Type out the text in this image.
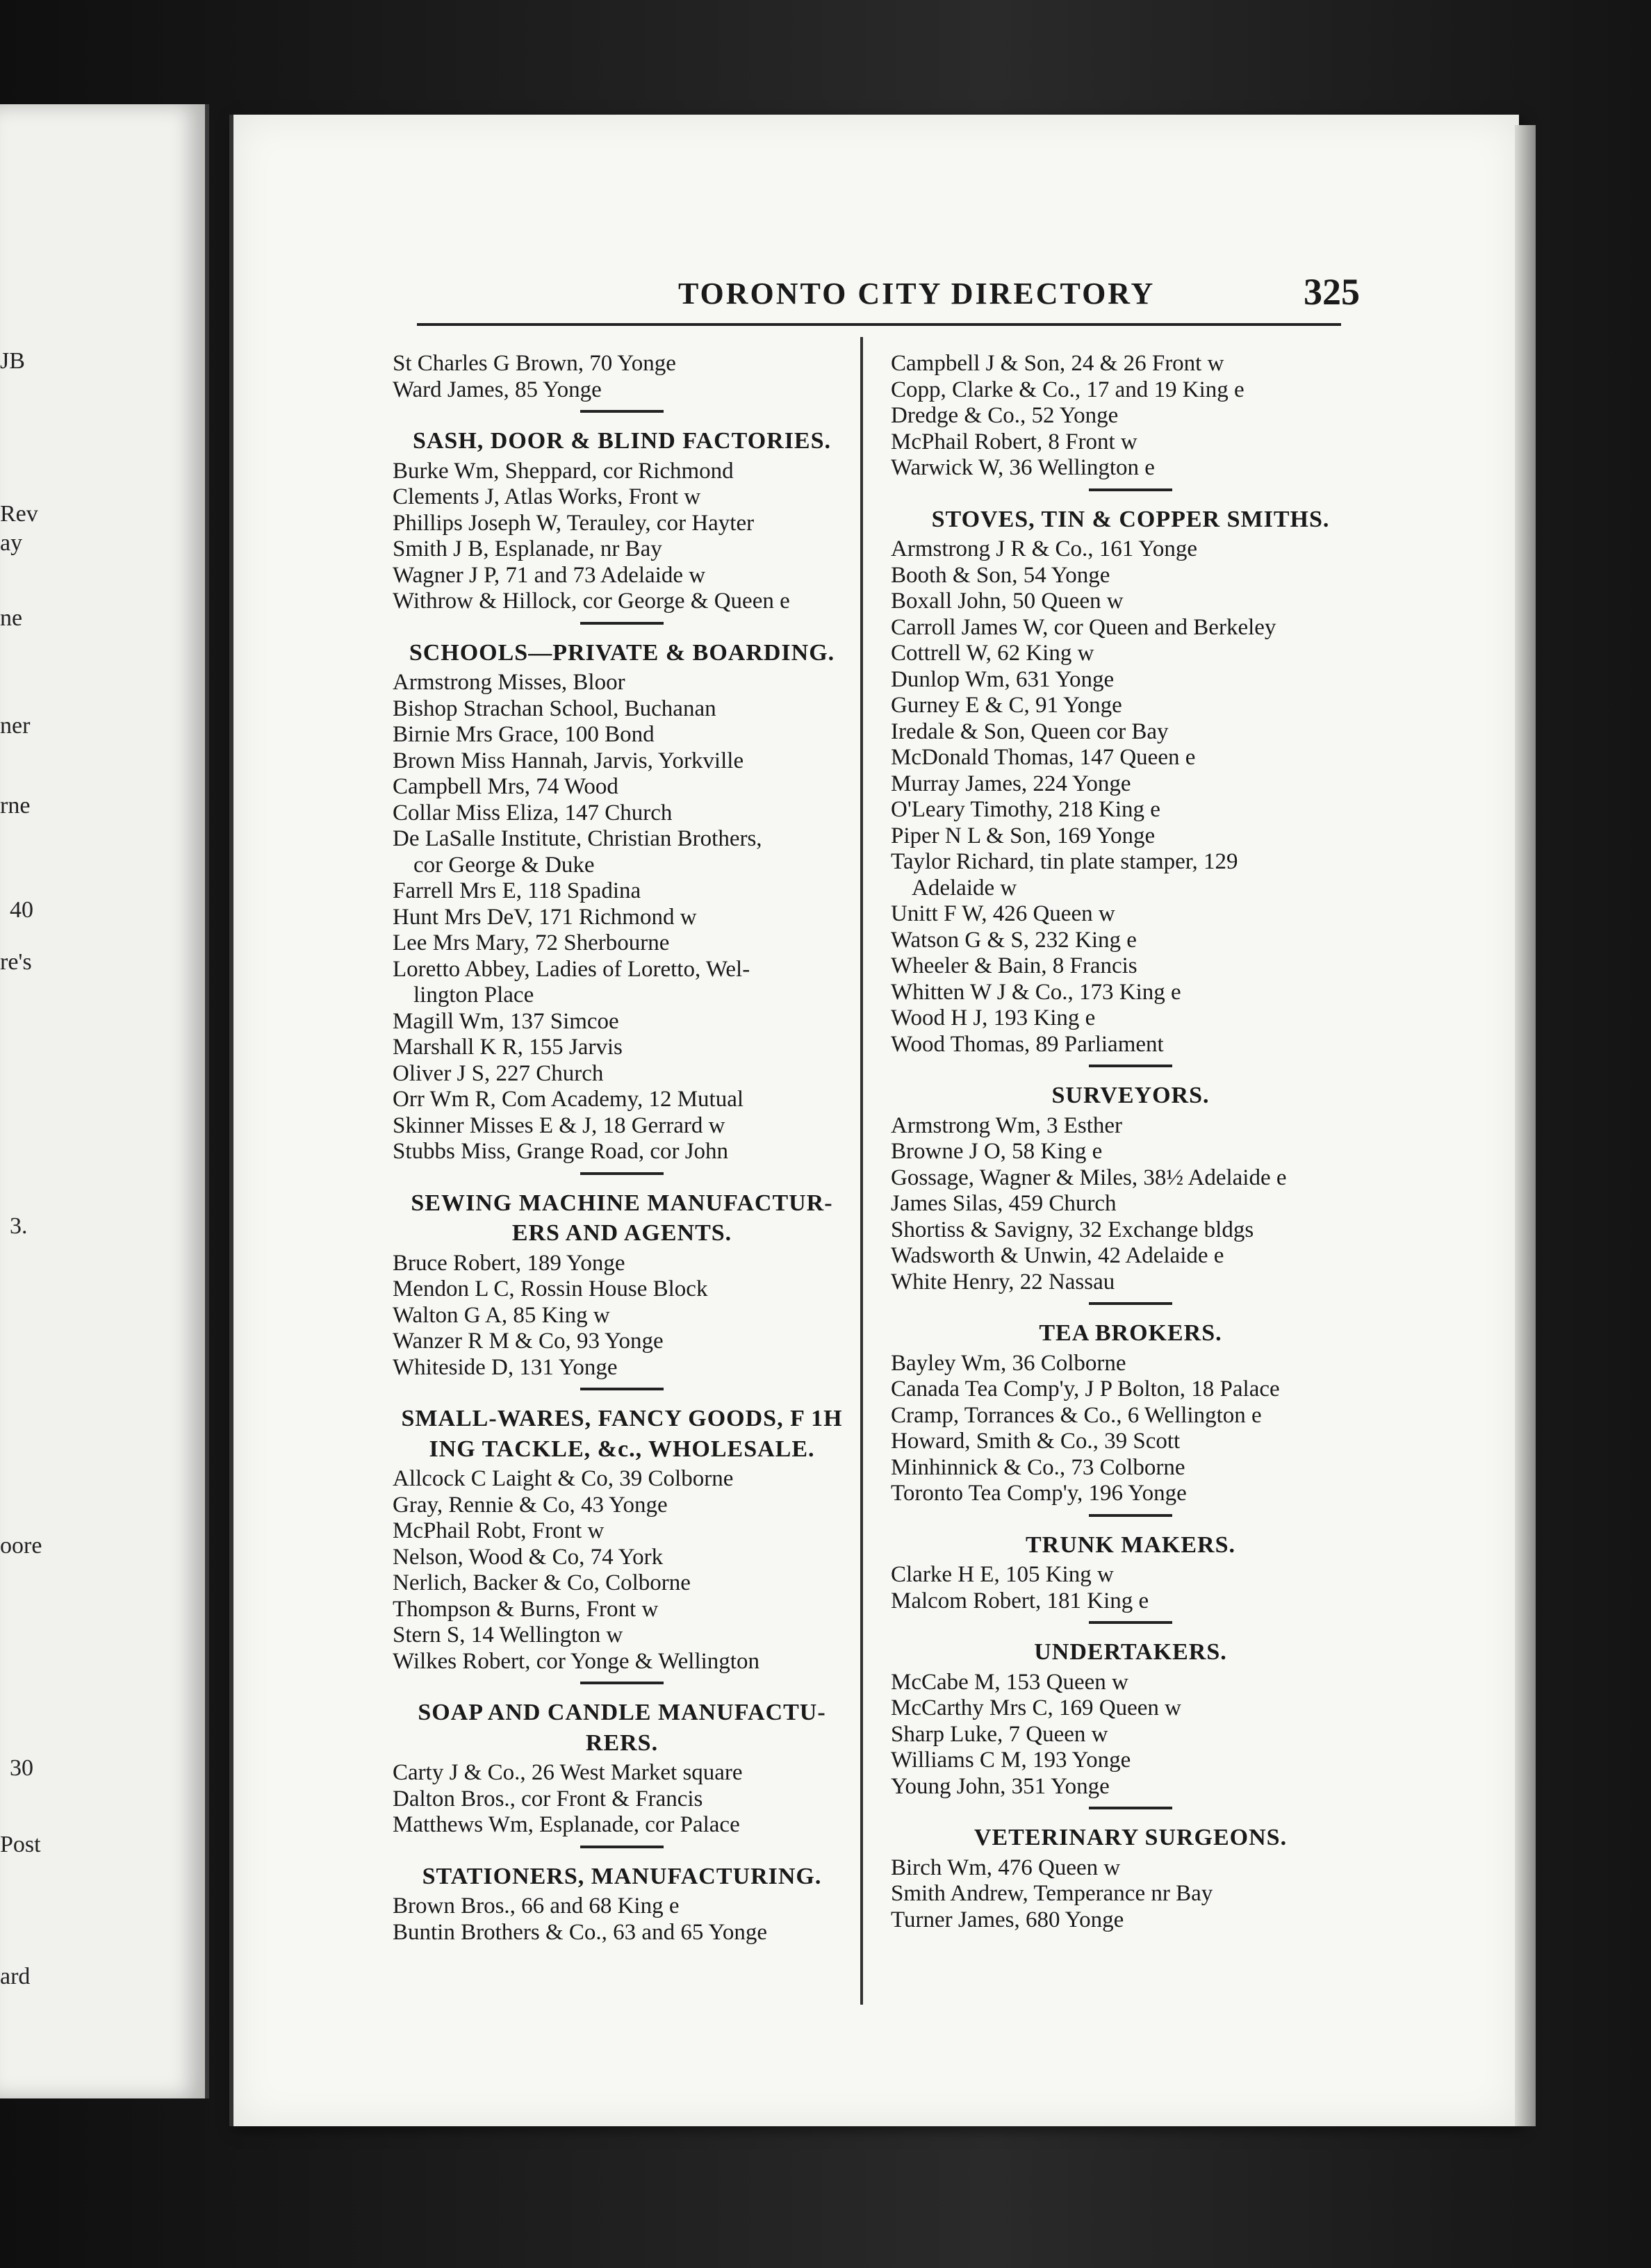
JB
Rev
ay
ne
ner
rne
40
re's
3.
oore
30
Post
ard
TORONTO CITY DIRECTORY	325
St Charles G Brown, 70 Yonge
Ward James, 85 Yonge
SASH, DOOR & BLIND FACTORIES.
Burke Wm, Sheppard, cor Richmond
Clements J, Atlas Works, Front w
Phillips Joseph W, Terauley, cor Hayter
Smith J B, Esplanade, nr Bay
Wagner J P, 71 and 73 Adelaide w
Withrow & Hillock, cor George & Queen e
SCHOOLS—PRIVATE & BOARDING.
Armstrong Misses, Bloor
Bishop Strachan School, Buchanan
Birnie Mrs Grace, 100 Bond
Brown Miss Hannah, Jarvis, Yorkville
Campbell Mrs, 74 Wood
Collar Miss Eliza, 147 Church
De LaSalle Institute, Christian Brothers,
cor George & Duke
Farrell Mrs E, 118 Spadina
Hunt Mrs DeV, 171 Richmond w
Lee Mrs Mary, 72 Sherbourne
Loretto Abbey, Ladies of Loretto, Wel-
lington Place
Magill Wm, 137 Simcoe
Marshall K R, 155 Jarvis
Oliver J S, 227 Church
Orr Wm R, Com Academy, 12 Mutual
Skinner Misses E & J, 18 Gerrard w
Stubbs Miss, Grange Road, cor John
SEWING MACHINE MANUFACTUR-
ERS AND AGENTS.
Bruce Robert, 189 Yonge
Mendon L C, Rossin House Block
Walton G A, 85 King w
Wanzer R M & Co, 93 Yonge
Whiteside D, 131 Yonge
SMALL-WARES, FANCY GOODS, F 1H
ING TACKLE, &c., WHOLESALE.
Allcock C Laight & Co, 39 Colborne
Gray, Rennie & Co, 43 Yonge
McPhail Robt, Front w
Nelson, Wood & Co, 74 York
Nerlich, Backer & Co, Colborne
Thompson & Burns, Front w
Stern S, 14 Wellington w
Wilkes Robert, cor Yonge & Wellington
SOAP AND CANDLE MANUFACTU-
RERS.
Carty J & Co., 26 West Market square
Dalton Bros., cor Front & Francis
Matthews Wm, Esplanade, cor Palace
STATIONERS, MANUFACTURING.
Brown Bros., 66 and 68 King e
Buntin Brothers & Co., 63 and 65 Yonge
Campbell J & Son, 24 & 26 Front w
Copp, Clarke & Co., 17 and 19 King e
Dredge & Co., 52 Yonge
McPhail Robert, 8 Front w
Warwick W, 36 Wellington e
STOVES, TIN & COPPER SMITHS.
Armstrong J R & Co., 161 Yonge
Booth & Son, 54 Yonge
Boxall John, 50 Queen w
Carroll James W, cor Queen and Berkeley
Cottrell W, 62 King w
Dunlop Wm, 631 Yonge
Gurney E & C, 91 Yonge
Iredale & Son, Queen cor Bay
McDonald Thomas, 147 Queen e
Murray James, 224 Yonge
O'Leary Timothy, 218 King e
Piper N L & Son, 169 Yonge
Taylor Richard, tin plate stamper, 129
Adelaide w
Unitt F W, 426 Queen w
Watson G & S, 232 King e
Wheeler & Bain, 8 Francis
Whitten W J & Co., 173 King e
Wood H J, 193 King e
Wood Thomas, 89 Parliament
SURVEYORS.
Armstrong Wm, 3 Esther
Browne J O, 58 King e
Gossage, Wagner & Miles, 38½ Adelaide e
James Silas, 459 Church
Shortiss & Savigny, 32 Exchange bldgs
Wadsworth & Unwin, 42 Adelaide e
White Henry, 22 Nassau
TEA BROKERS.
Bayley Wm, 36 Colborne
Canada Tea Comp'y, J P Bolton, 18 Palace
Cramp, Torrances & Co., 6 Wellington e
Howard, Smith & Co., 39 Scott
Minhinnick & Co., 73 Colborne
Toronto Tea Comp'y, 196 Yonge
TRUNK MAKERS.
Clarke H E, 105 King w
Malcom Robert, 181 King e
UNDERTAKERS.
McCabe M, 153 Queen w
McCarthy Mrs C, 169 Queen w
Sharp Luke, 7 Queen w
Williams C M, 193 Yonge
Young John, 351 Yonge
VETERINARY SURGEONS.
Birch Wm, 476 Queen w
Smith Andrew, Temperance nr Bay
Turner James, 680 Yonge
